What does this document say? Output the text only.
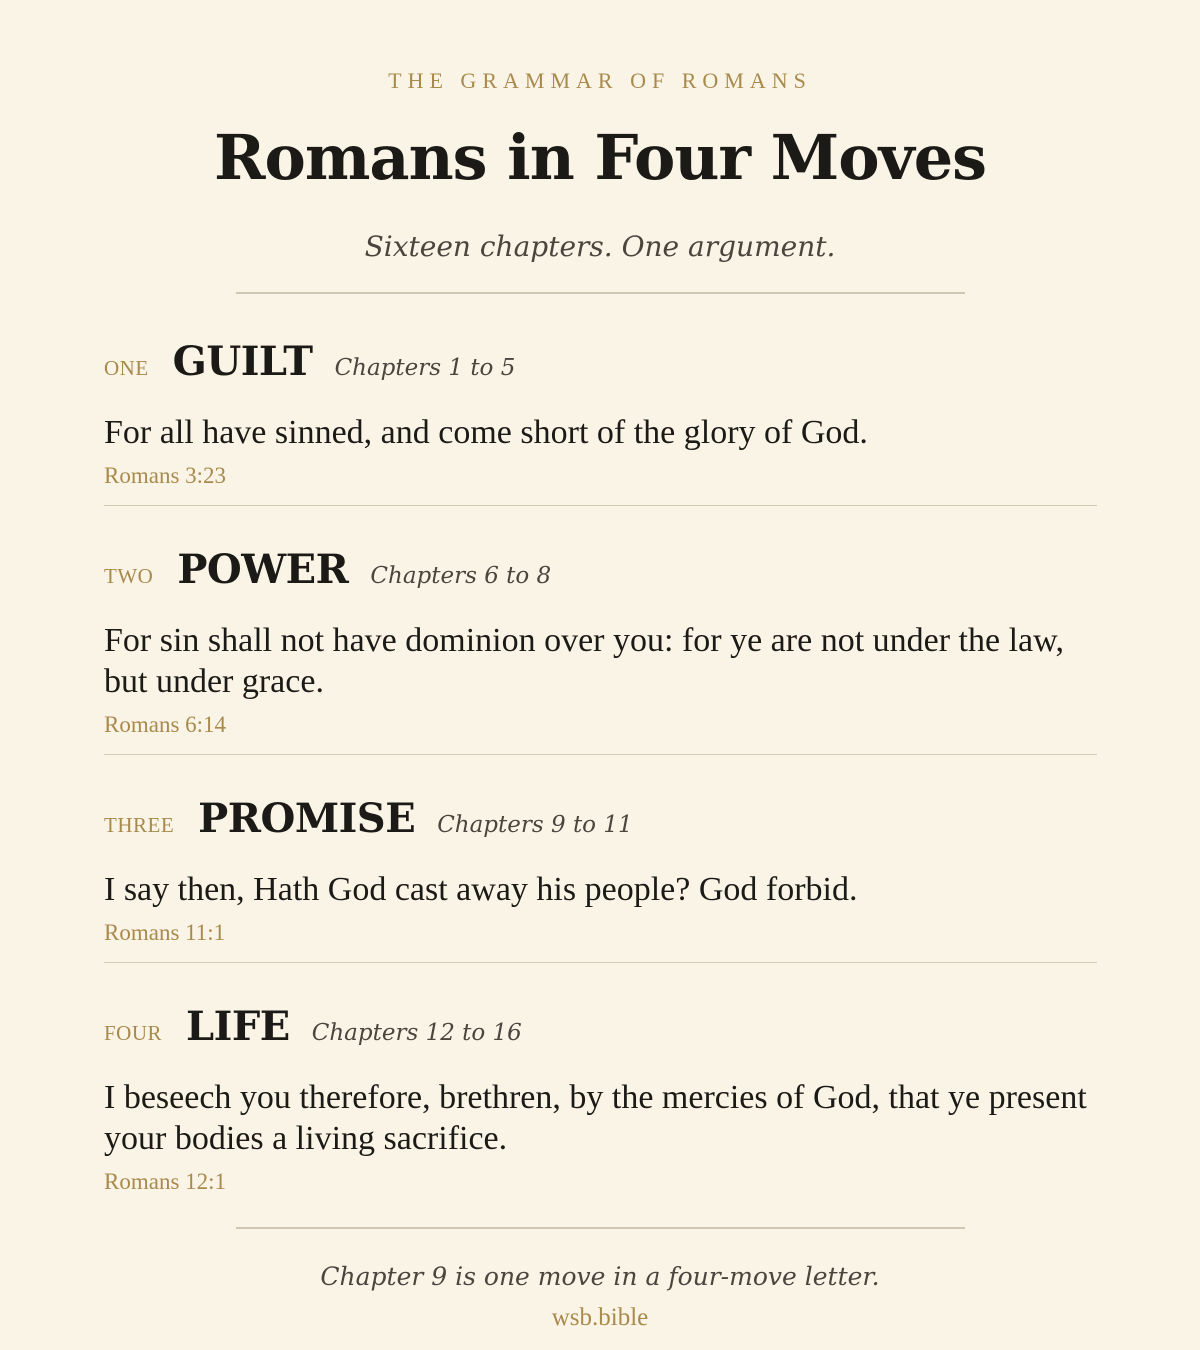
THE GRAMMAR OF ROMANS
Romans in Four Moves
Sixteen chapters. One argument.
ONE GUILT Chapters 1 to 5
For all have sinned, and come short of the glory of God.
Romans 3:23
TWO POWER Chapters 6 to 8
For sin shall not have dominion over you: for ye are not under the law, but under grace.
Romans 6:14
THREE PROMISE Chapters 9 to 11
I say then, Hath God cast away his people? God forbid.
Romans 11:1
FOUR LIFE Chapters 12 to 16
I beseech you therefore, brethren, by the mercies of God, that ye present your bodies a living sacrifice.
Romans 12:1
Chapter 9 is one move in a four-move letter.
wsb.bible
